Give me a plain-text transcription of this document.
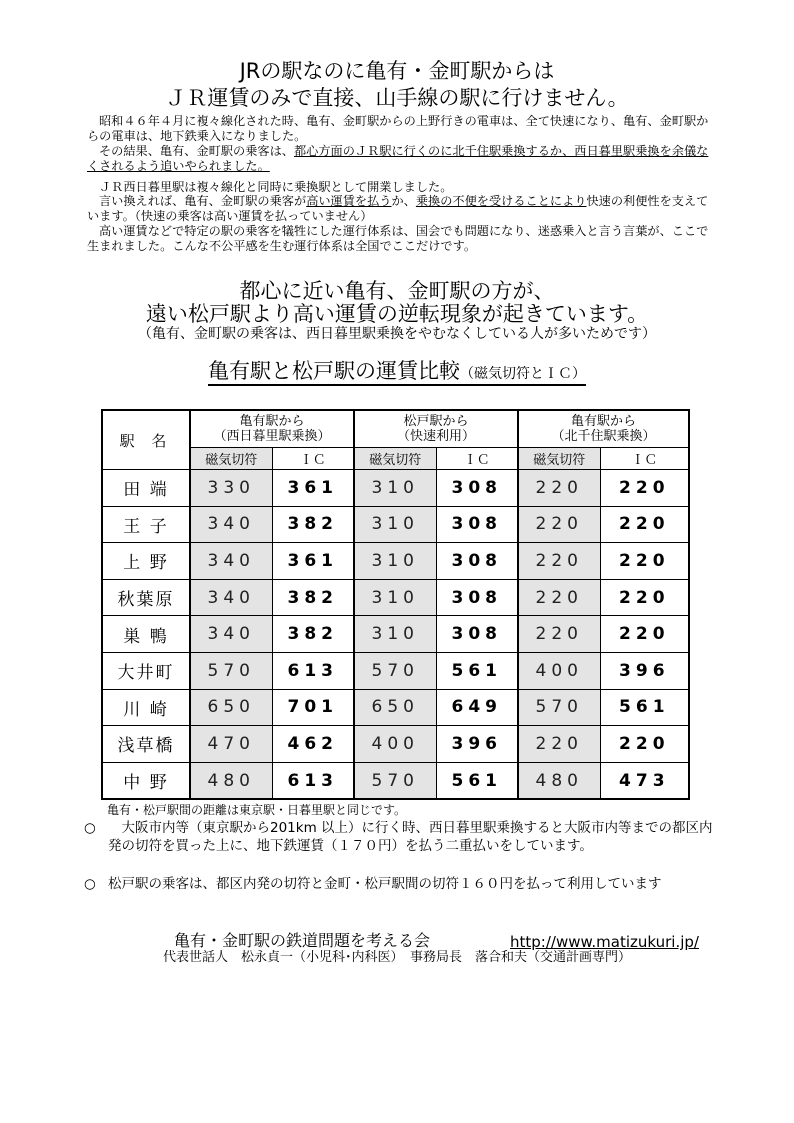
JRの駅なのに亀有・金町駅からは
ＪＲ運賃のみで直接、山手線の駅に行けません。

昭和４６年４月に複々線化された時、亀有、金町駅からの上野行きの電車は、全て快速になり、亀有、金町駅からの電車は、地下鉄乗入になりました。

その結果、亀有、金町駅の乗客は、都心方面のＪＲ駅に行くのに北千住駅乗換するか、西日暮里駅乗換を余儀なくされるよう追いやられました。

ＪＲ西日暮里駅は複々線化と同時に乗換駅として開業しました。

言い換えれば、亀有、金町駅の乗客が高い運賃を払うか、乗換の不便を受けることにより快速の利便性を支えています。（快速の乗客は高い運賃を払っていません）

高い運賃などで特定の駅の乗客を犠牲にした運行体系は、国会でも問題になり、迷惑乗入と言う言葉が、ここで生まれました。こんな不公平感を生む運行体系は全国でここだけです。

都心に近い亀有、金町駅の方が、
遠い松戸駅より高い運賃の逆転現象が起きています。
（亀有、金町駅の乗客は、西日暮里駅乗換をやむなくしている人が多いためです）
亀有駅と松戸駅の運賃比較（磁気切符とＩＣ）
駅 名	亀有駅から
（西日暮里駅乗換）		松戸駅から
（快速利用）		亀有駅から
（北千住駅乗換）	
	磁気切符	ＩＣ	磁気切符	ＩＣ	磁気切符	ＩＣ
田 端	330	361	310	308	220	220
王 子	340	382	310	308	220	220
上 野	340	361	310	308	220	220
秋葉原	340	382	310	308	220	220
巣 鴨	340	382	310	308	220	220
大井町	570	613	570	561	400	396
川 崎	650	701	650	649	570	561
浅草橋	470	462	400	396	220	220
中 野	480	613	570	561	480	473
亀有・松戸駅間の距離は東京駅・日暮里駅と同じです。
○ 　大阪市内等（東京駅から201km 以上）に行く時、西日暮里駅乗換すると大阪市内等までの都区内発の切符を買った上に、地下鉄運賃（１７０円）を払う二重払いをしています。
○ 松戸駅の乗客は、都区内発の切符と金町・松戸駅間の切符１６０円を払って利用しています
亀有・金町駅の鉄道問題を考える会	http://www.matizukuri.jp/
代表世話人　松永貞一（小児科･内科医）　事務局長　落合和夫（交通計画専門）
